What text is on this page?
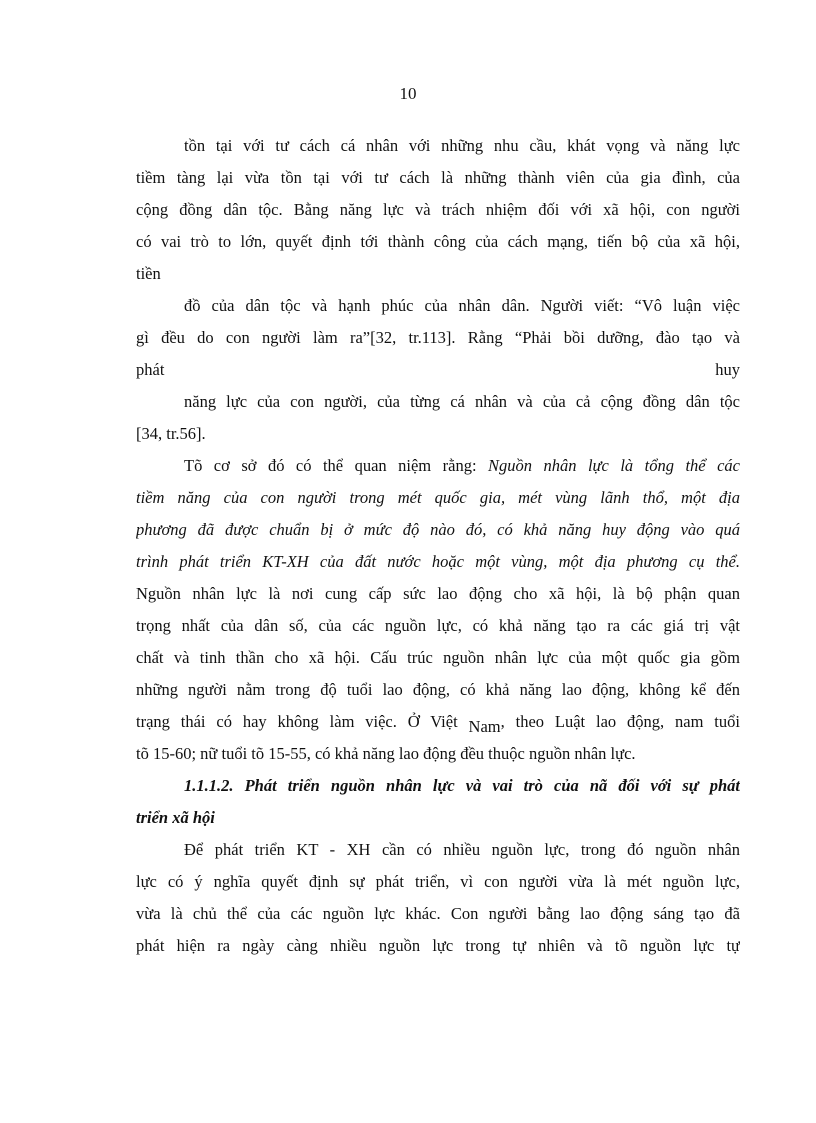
10
tồn tại với tư cách cá nhân với những nhu cầu, khát vọng và năng lực
tiềm tàng lại vừa tồn tại với tư cách là những thành viên của gia đình, của
cộng đồng dân tộc. Bằng năng lực và trách nhiệm đối với xã hội, con người
có vai trò to lớn, quyết định tới thành công của cách mạng, tiến bộ của xã hội,
tiền
đồ của dân tộc và hạnh phúc của nhân dân. Người viết: “Vô luận việc
gì đều do con người làm ra”[32, tr.113]. Rằng “Phải bồi dưỡng, đào tạo và
phát	huy
năng lực của con người, của từng cá nhân và của cả cộng đồng dân tộc
[34, tr.56].
Tõ cơ sở đó có thể quan niệm rằng: Nguồn nhân lực là tổng thể các
tiềm năng của con người trong mét quốc gia, mét vùng lãnh thổ, một địa
phương đã được chuẩn bị ở mức độ nào đó, có khả năng huy động vào quá
trình phát triển KT-XH của đất nước hoặc một vùng, một địa phương cụ thể.
Nguồn nhân lực là nơi cung cấp sức lao động cho xã hội, là bộ phận quan
trọng nhất của dân số, của các nguồn lực, có khả năng tạo ra các giá trị vật
chất và tinh thần cho xã hội. Cấu trúc nguồn nhân lực của một quốc gia gồm
những người nằm trong độ tuổi lao động, có khả năng lao động, không kể đến
trạng thái có hay không làm việc. Ở Việt Nam, theo Luật lao động, nam tuổi
tõ 15-60; nữ tuổi tõ 15-55, có khả năng lao động đều thuộc nguồn nhân lực.
1.1.1.2. Phát triển nguồn nhân lực và vai trò của nã đối với sự phát
triển xã hội
Để phát triển KT - XH cần có nhiều nguồn lực, trong đó nguồn nhân
lực có ý nghĩa quyết định sự phát triển, vì con người vừa là mét nguồn lực,
vừa là chủ thể của các nguồn lực khác. Con người bằng lao động sáng tạo đã
phát hiện ra ngày càng nhiều nguồn lực trong tự nhiên và tõ nguồn lực tự
